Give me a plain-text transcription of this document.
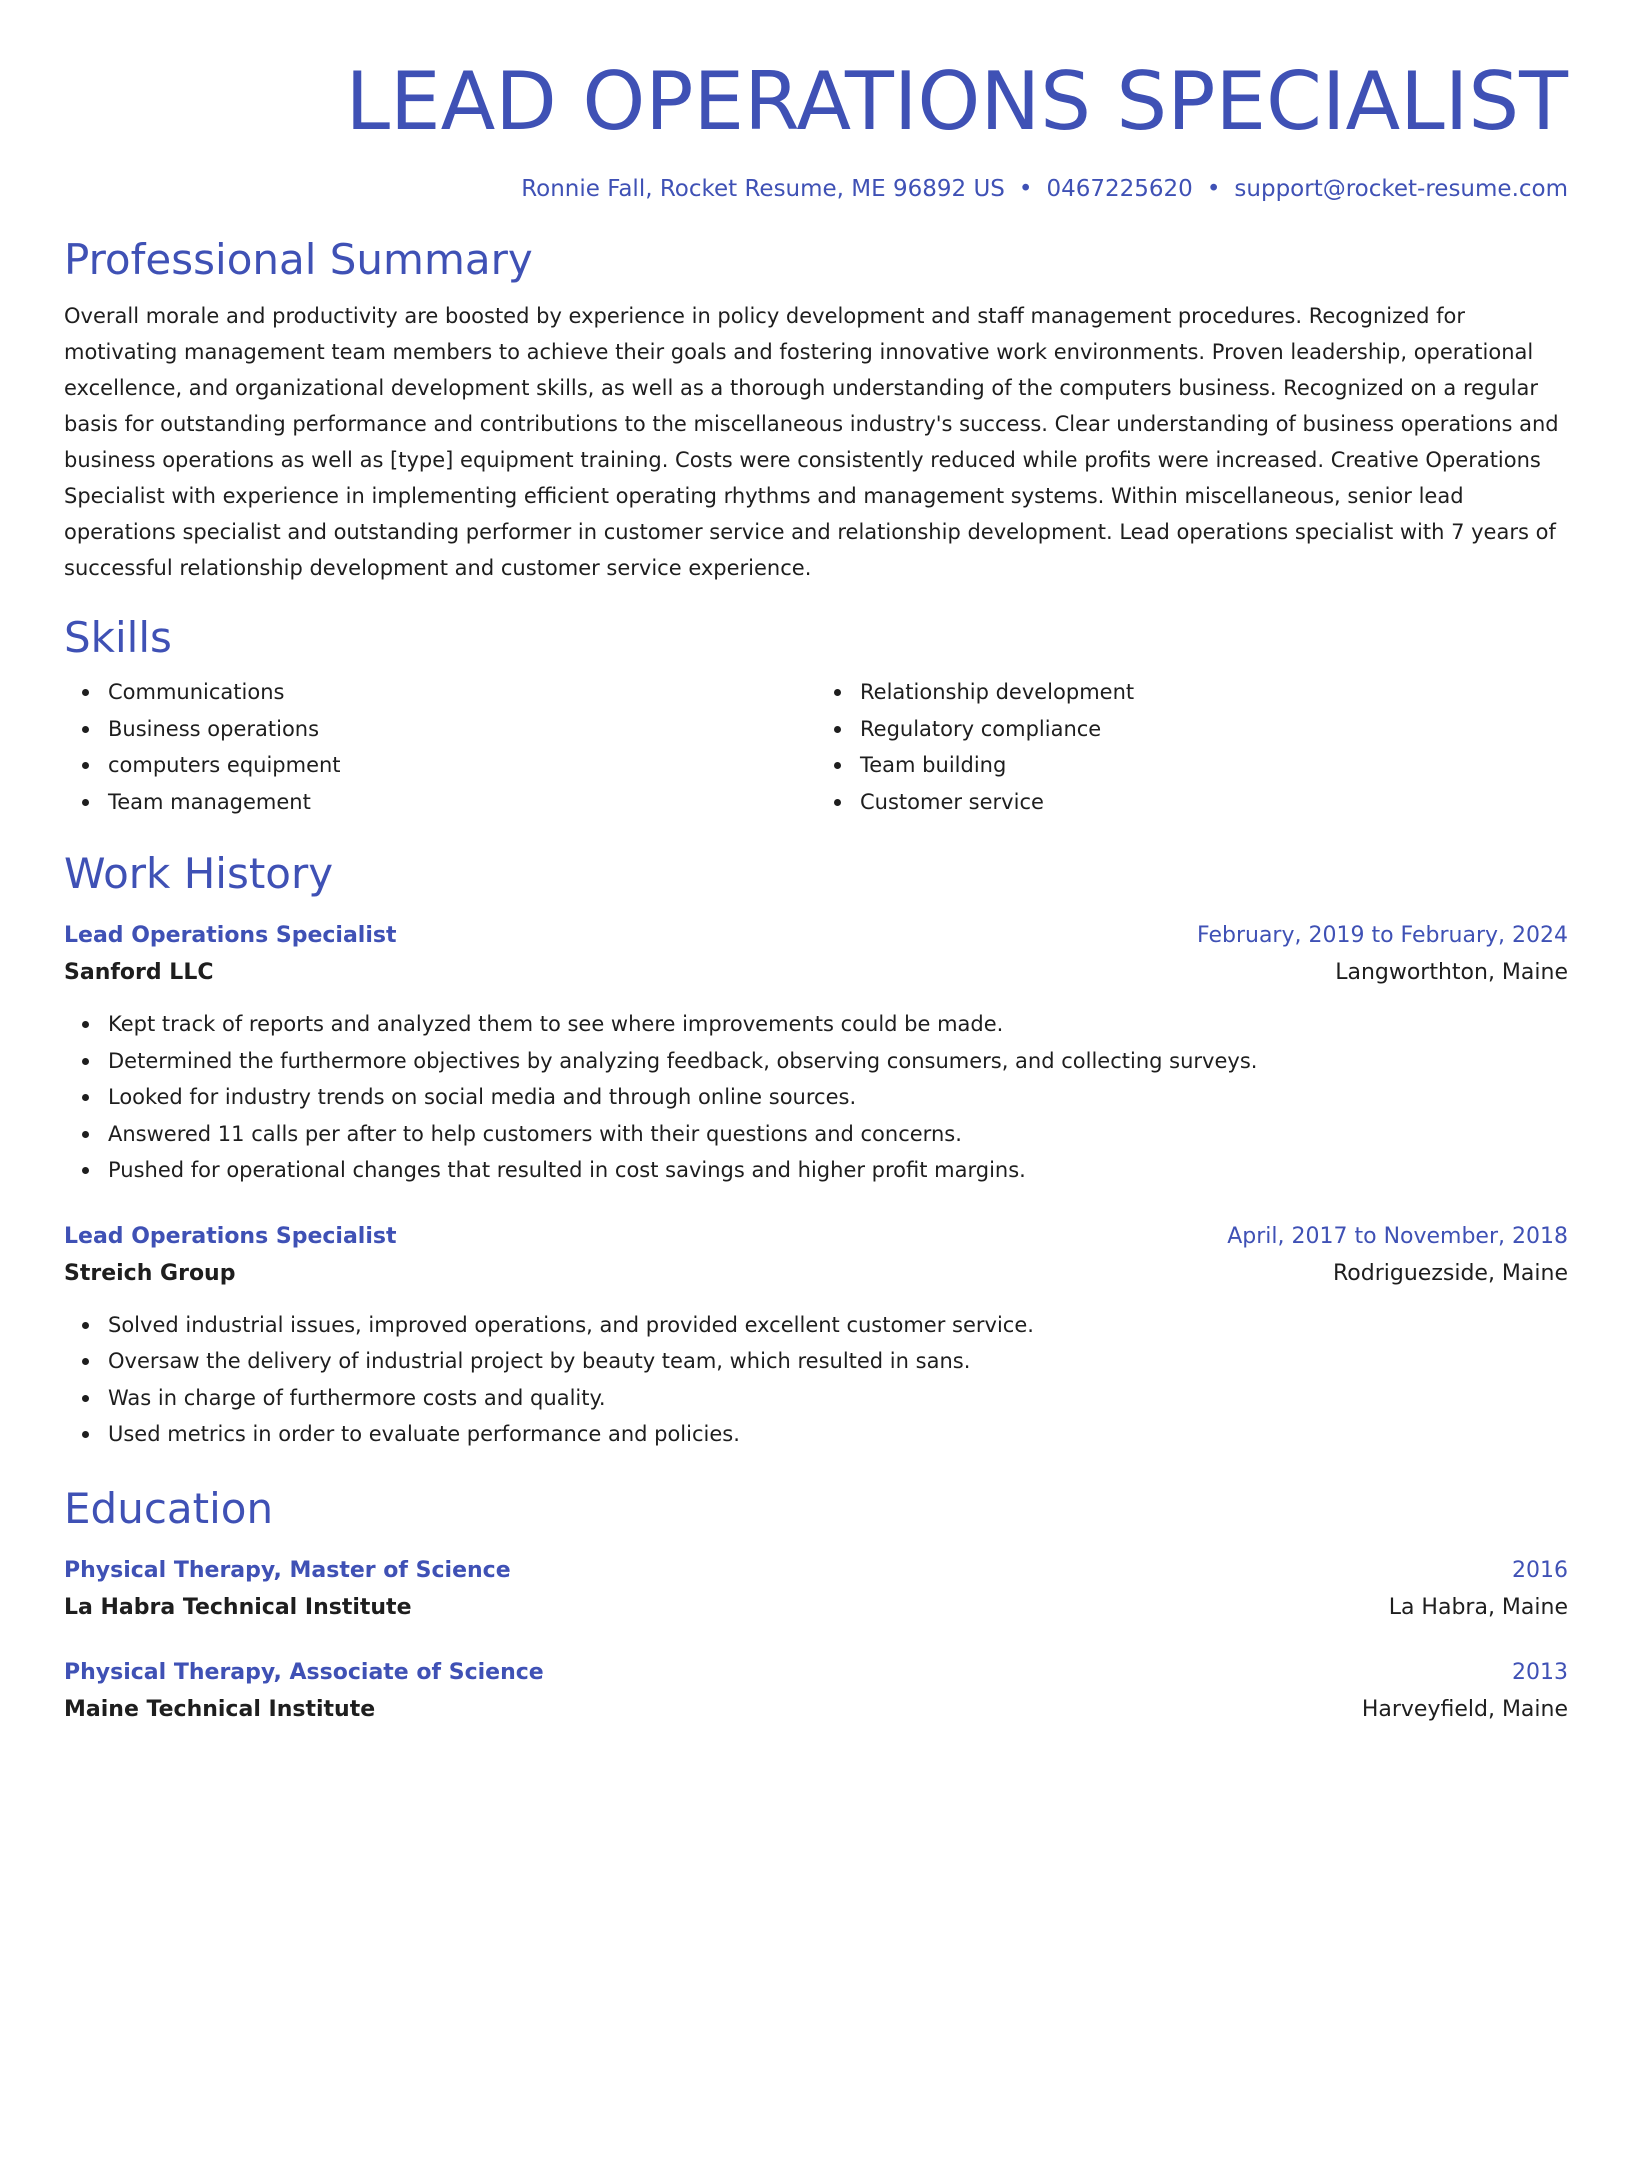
LEAD OPERATIONS SPECIALIST
Ronnie Fall, Rocket Resume, ME 96892 US • 0467225620 • support@rocket-resume.com
Professional Summary
Overall morale and productivity are boosted by experience in policy development and staff management procedures. Recognized for motivating management team members to achieve their goals and fostering innovative work environments. Proven leadership, operational excellence, and organizational development skills, as well as a thorough understanding of the computers business. Recognized on a regular basis for outstanding performance and contributions to the miscellaneous industry's success. Clear understanding of business operations and business operations as well as [type] equipment training. Costs were consistently reduced while profits were increased. Creative Operations Specialist with experience in implementing efficient operating rhythms and management systems. Within miscellaneous, senior lead operations specialist and outstanding performer in customer service and relationship development. Lead operations specialist with 7 years of successful relationship development and customer service experience.
Skills
Communications
Business operations
computers equipment
Team management
Relationship development
Regulatory compliance
Team building
Customer service
Work History
Lead Operations Specialist	February, 2019 to February, 2024
Sanford LLC	Langworthton, Maine
Kept track of reports and analyzed them to see where improvements could be made.
Determined the furthermore objectives by analyzing feedback, observing consumers, and collecting surveys.
Looked for industry trends on social media and through online sources.
Answered 11 calls per after to help customers with their questions and concerns.
Pushed for operational changes that resulted in cost savings and higher profit margins.
Lead Operations Specialist	April, 2017 to November, 2018
Streich Group	Rodriguezside, Maine
Solved industrial issues, improved operations, and provided excellent customer service.
Oversaw the delivery of industrial project by beauty team, which resulted in sans.
Was in charge of furthermore costs and quality.
Used metrics in order to evaluate performance and policies.
Education
Physical Therapy, Master of Science	2016
La Habra Technical Institute	La Habra, Maine
Physical Therapy, Associate of Science	2013
Maine Technical Institute	Harveyfield, Maine
